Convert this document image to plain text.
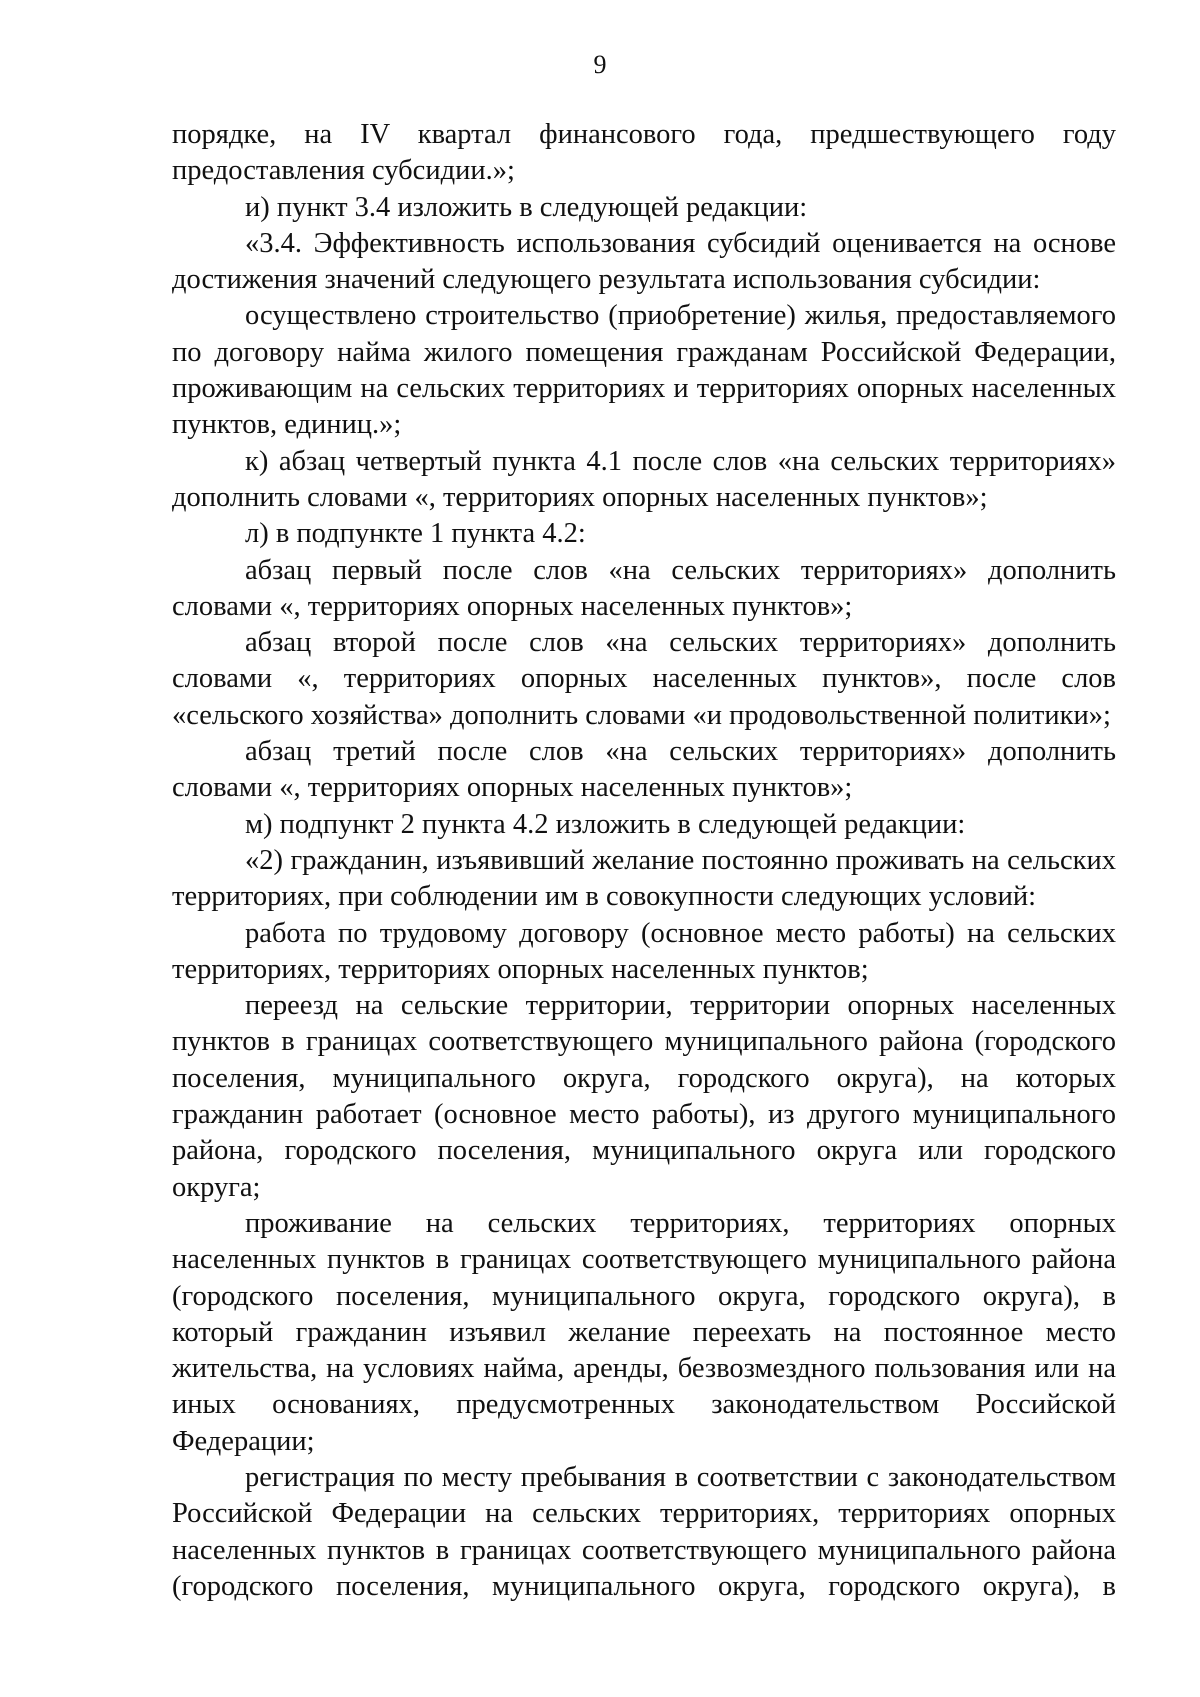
9

порядке, на IV квартал финансового года, предшествующего году предоставления субсидии.»;

и) пункт 3.4 изложить в следующей редакции:

«3.4. Эффективность использования субсидий оценивается на основе достижения значений следующего результата использования субсидии:

осуществлено строительство (приобретение) жилья, предоставляемого по договору найма жилого помещения гражданам Российской Федерации, проживающим на сельских территориях и территориях опорных населенных пунктов, единиц.»;

к) абзац четвертый пункта 4.1 после слов «на сельских территориях» дополнить словами «, территориях опорных населенных пунктов»;

л) в подпункте 1 пункта 4.2:

абзац первый после слов «на сельских территориях» дополнить словами «, территориях опорных населенных пунктов»;

абзац второй после слов «на сельских территориях» дополнить словами «, территориях опорных населенных пунктов», после слов «сельского хозяйства» дополнить словами «и продовольственной политики»;

абзац третий после слов «на сельских территориях» дополнить словами «, территориях опорных населенных пунктов»;

м) подпункт 2 пункта 4.2 изложить в следующей редакции:

«2) гражданин, изъявивший желание постоянно проживать на сельских территориях, при соблюдении им в совокупности следующих условий:

работа по трудовому договору (основное место работы) на сельских территориях, территориях опорных населенных пунктов;

переезд на сельские территории, территории опорных населенных пунктов в границах соответствующего муниципального района (городского поселения, муниципального округа, городского округа), на которых гражданин работает (основное место работы), из другого муниципального района, городского поселения, муниципального округа или городского округа;

проживание на сельских территориях, территориях опорных населенных пунктов в границах соответствующего муниципального района (городского поселения, муниципального округа, городского округа), в который гражданин изъявил желание переехать на постоянное место жительства, на условиях найма, аренды, безвозмездного пользования или на иных основаниях, предусмотренных законодательством Российской Федерации;

регистрация по месту пребывания в соответствии с законодательством Российской Федерации на сельских территориях, территориях опорных населенных пунктов в границах соответствующего муниципального района (городского поселения, муниципального округа, городского округа), в
